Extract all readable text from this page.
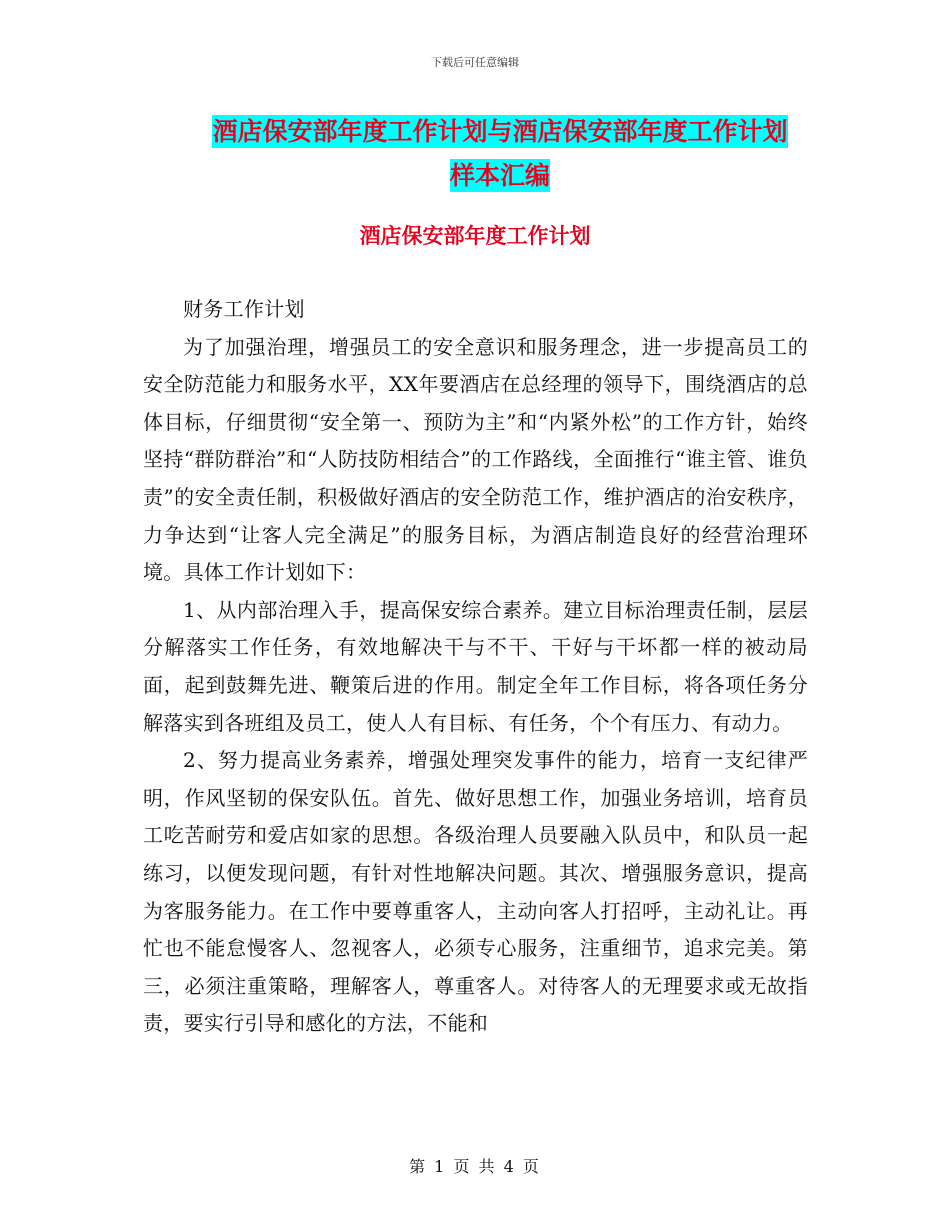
下载后可任意编辑
酒店保安部年度工作计划与酒店保安部年度工作计划
样本汇编
酒店保安部年度工作计划

财务工作计划

为了加强治理，增强员工的安全意识和服务理念，进一步提高员工的安全防范能力和服务水平，XX年要酒店在总经理的领导下，围绕酒店的总体目标，仔细贯彻“安全第一、预防为主”和“内紧外松”的工作方针，始终坚持“群防群治”和“人防技防相结合”的工作路线，全面推行“谁主管、谁负责”的安全责任制，积极做好酒店的安全防范工作，维护酒店的治安秩序，力争达到“让客人完全满足”的服务目标，为酒店制造良好的经营治理环境。具体工作计划如下：

1、从内部治理入手，提高保安综合素养。建立目标治理责任制，层层分解落实工作任务，有效地解决干与不干、干好与干坏都一样的被动局面，起到鼓舞先进、鞭策后进的作用。制定全年工作目标，将各项任务分解落实到各班组及员工，使人人有目标、有任务，个个有压力、有动力。

2、努力提高业务素养，增强处理突发事件的能力，培育一支纪律严明，作风坚韧的保安队伍。首先、做好思想工作，加强业务培训，培育员工吃苦耐劳和爱店如家的思想。各级治理人员要融入队员中，和队员一起练习，以便发现问题，有针对性地解决问题。其次、增强服务意识，提高为客服务能力。在工作中要尊重客人，主动向客人打招呼，主动礼让。再忙也不能怠慢客人、忽视客人，必须专心服务，注重细节，追求完美。第三，必须注重策略，理解客人，尊重客人。对待客人的无理要求或无故指责，要实行引导和感化的方法，不能和

第 1 页 共 4 页
